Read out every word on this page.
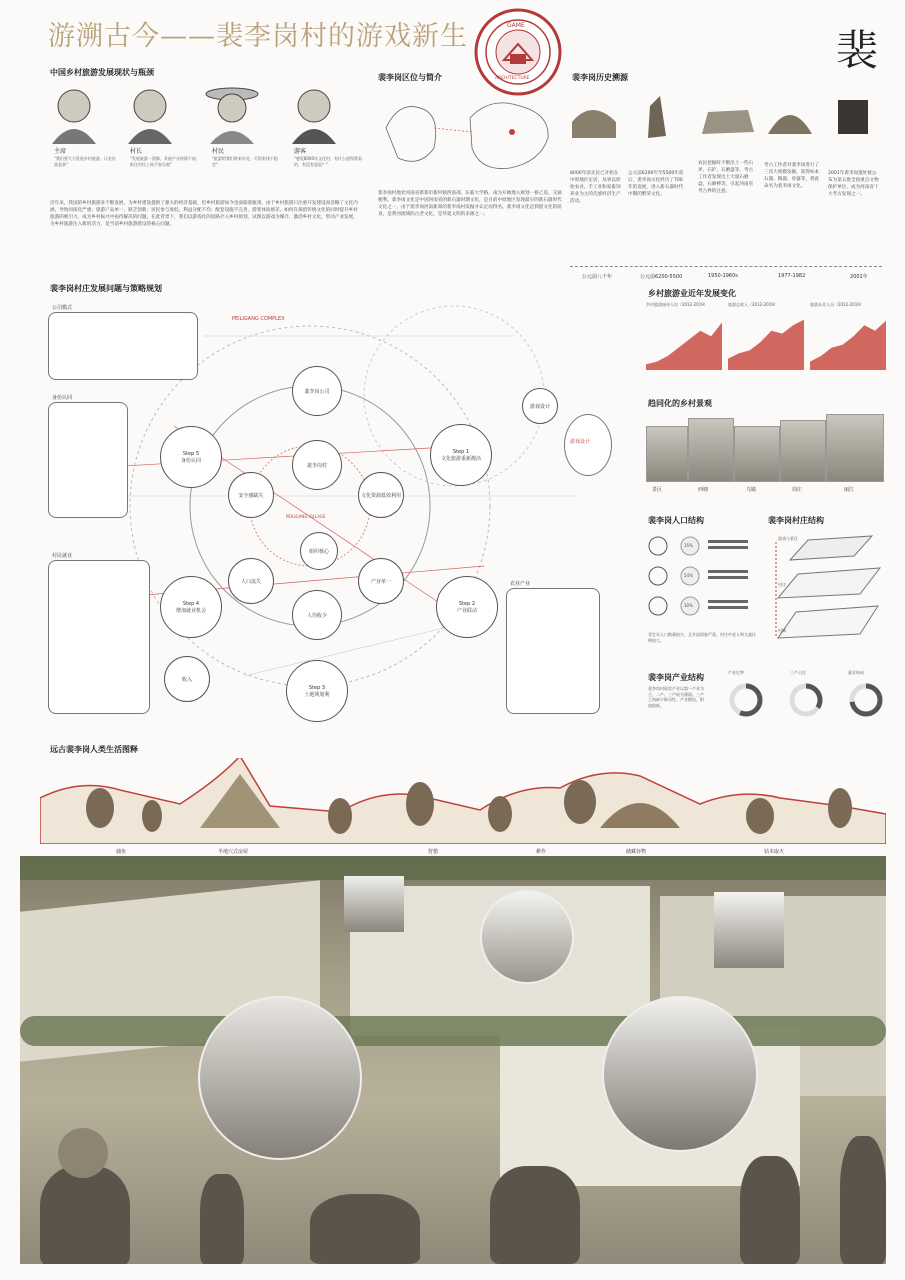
游溯古今——裴李岗村的游戏新生	GAME
ARCHITECTURE
裴
中国乡村旅游发展现状与瓶颈
主席	村长	村民	游客
"我们要大力发展乡村旅游，让农民富起来"
"发展旅游一窝蜂，其他产业停滞不前，抓住村民上网不容乐观"
"旅游给我们带来好处，可得来钱不稳定"
"感觉8000年文化村，有什么值得我看的，有没有意思？"
近年来，我国的乡村旅游业不断发展，为乡村建设提供了强大的经济基础，但乡村旅游如今也面临着瓶颈。由于乡村旅游只注重开发建设而忽略了文化内涵，导致同质化严重；旅游产品单一，缺乏创新；居民参与度低，利益分配不均；配套设施不完善，游客体验感差。如何在保留传统文化的同时提升乡村旅游的吸引力，成为乡村振兴中亟待解决的问题。在此背景下，我们以游戏化的思路介入乡村规划，试图以游戏为媒介，激活乡村文化，带动产业发展，为乡村旅游注入新的活力，是当前乡村旅游建设的核心问题。
裴李岗区位与简介
裴李岗村地处河南省新郑市新村镇西南部，东临大学路，南为开阔地入规划一桥乙基。交通便利。裴李岗文化是中国河南省的新石器时期文化，是目前中原地区发现最早的新石器时代文化之一，由于裴李岗河南新郑的裴李岗村发掘并认定而得名。裴李岗文化是仰韶文化的前身，是黄河流域的古老文化，是华夏文明的来源之一。
裴李岗历史溯源
8000年前先民已开始在中原地区定居，从事以原始农业、手工业和家畜饲养业为主的氏族经济生产活动。
公元前6200年至5500年前后，裴李岗文化经历了700年的发展，进入新石器时代中期的繁荣文化。
农民挖掘时不断出土一些石斧、石铲、石磨盘等，考古工作者发现出土大量石磨盘，石磨棒等，引起河南省考古界的注意。
考古工作者对裴李岗进行了三次大规模发掘，获得标本石器、陶器、骨器等，将此命名为裴李岗文化。
2001年裴李岗遗址被公布为第五批全国重点文物保护单位，成为河南省十大考古发现之一。
公元前八千年	公元前6200-5500	1950-1960s	1977-1982	2001年
裴李岗村庄发展问题与策略规划
公司模式
身份认同
村民就业
游戏设计
农业产业
PEILIGANG COMPLEX
裴李岗公司
裴李岗村
文化资源低效利用
产业单一
人均收少
人口流失
安全感缺失
组织核心
游戏设计
收入
Step 1
文化旅游重新激活
Step 2
产业联动
Step 3
土地规划利
Step 4
增加就业机会
Step 5
身份认同
PEILIGANG VILLAGE
乡村旅游业近年发展变化
乡村旅游接待人次（2012-2019）	旅游总收入（2012-2019）	旅游从业人员（2012-2019）
趋同化的乡村景观
景区	西塘	乌镇	周庄	丽江
裴李岗人口结构
35%
54%
30%
青壮年人口数量较少，且外流现象严重，村庄中老人和儿童比例较大。
裴李岗村庄结构
游戏与景区
村庄
村域
裴李岗产业结构
裴李岗村现状产业以第一产业为主，二产、三产较为薄弱。三产之间缺少联动性，产业链短，附加值低。
产业比率	三产占比	就业构成
远古裴李岗人类生活图释
捕鱼	半地穴式房屋	狩猎	耕作	储藏谷物	钻木取火
